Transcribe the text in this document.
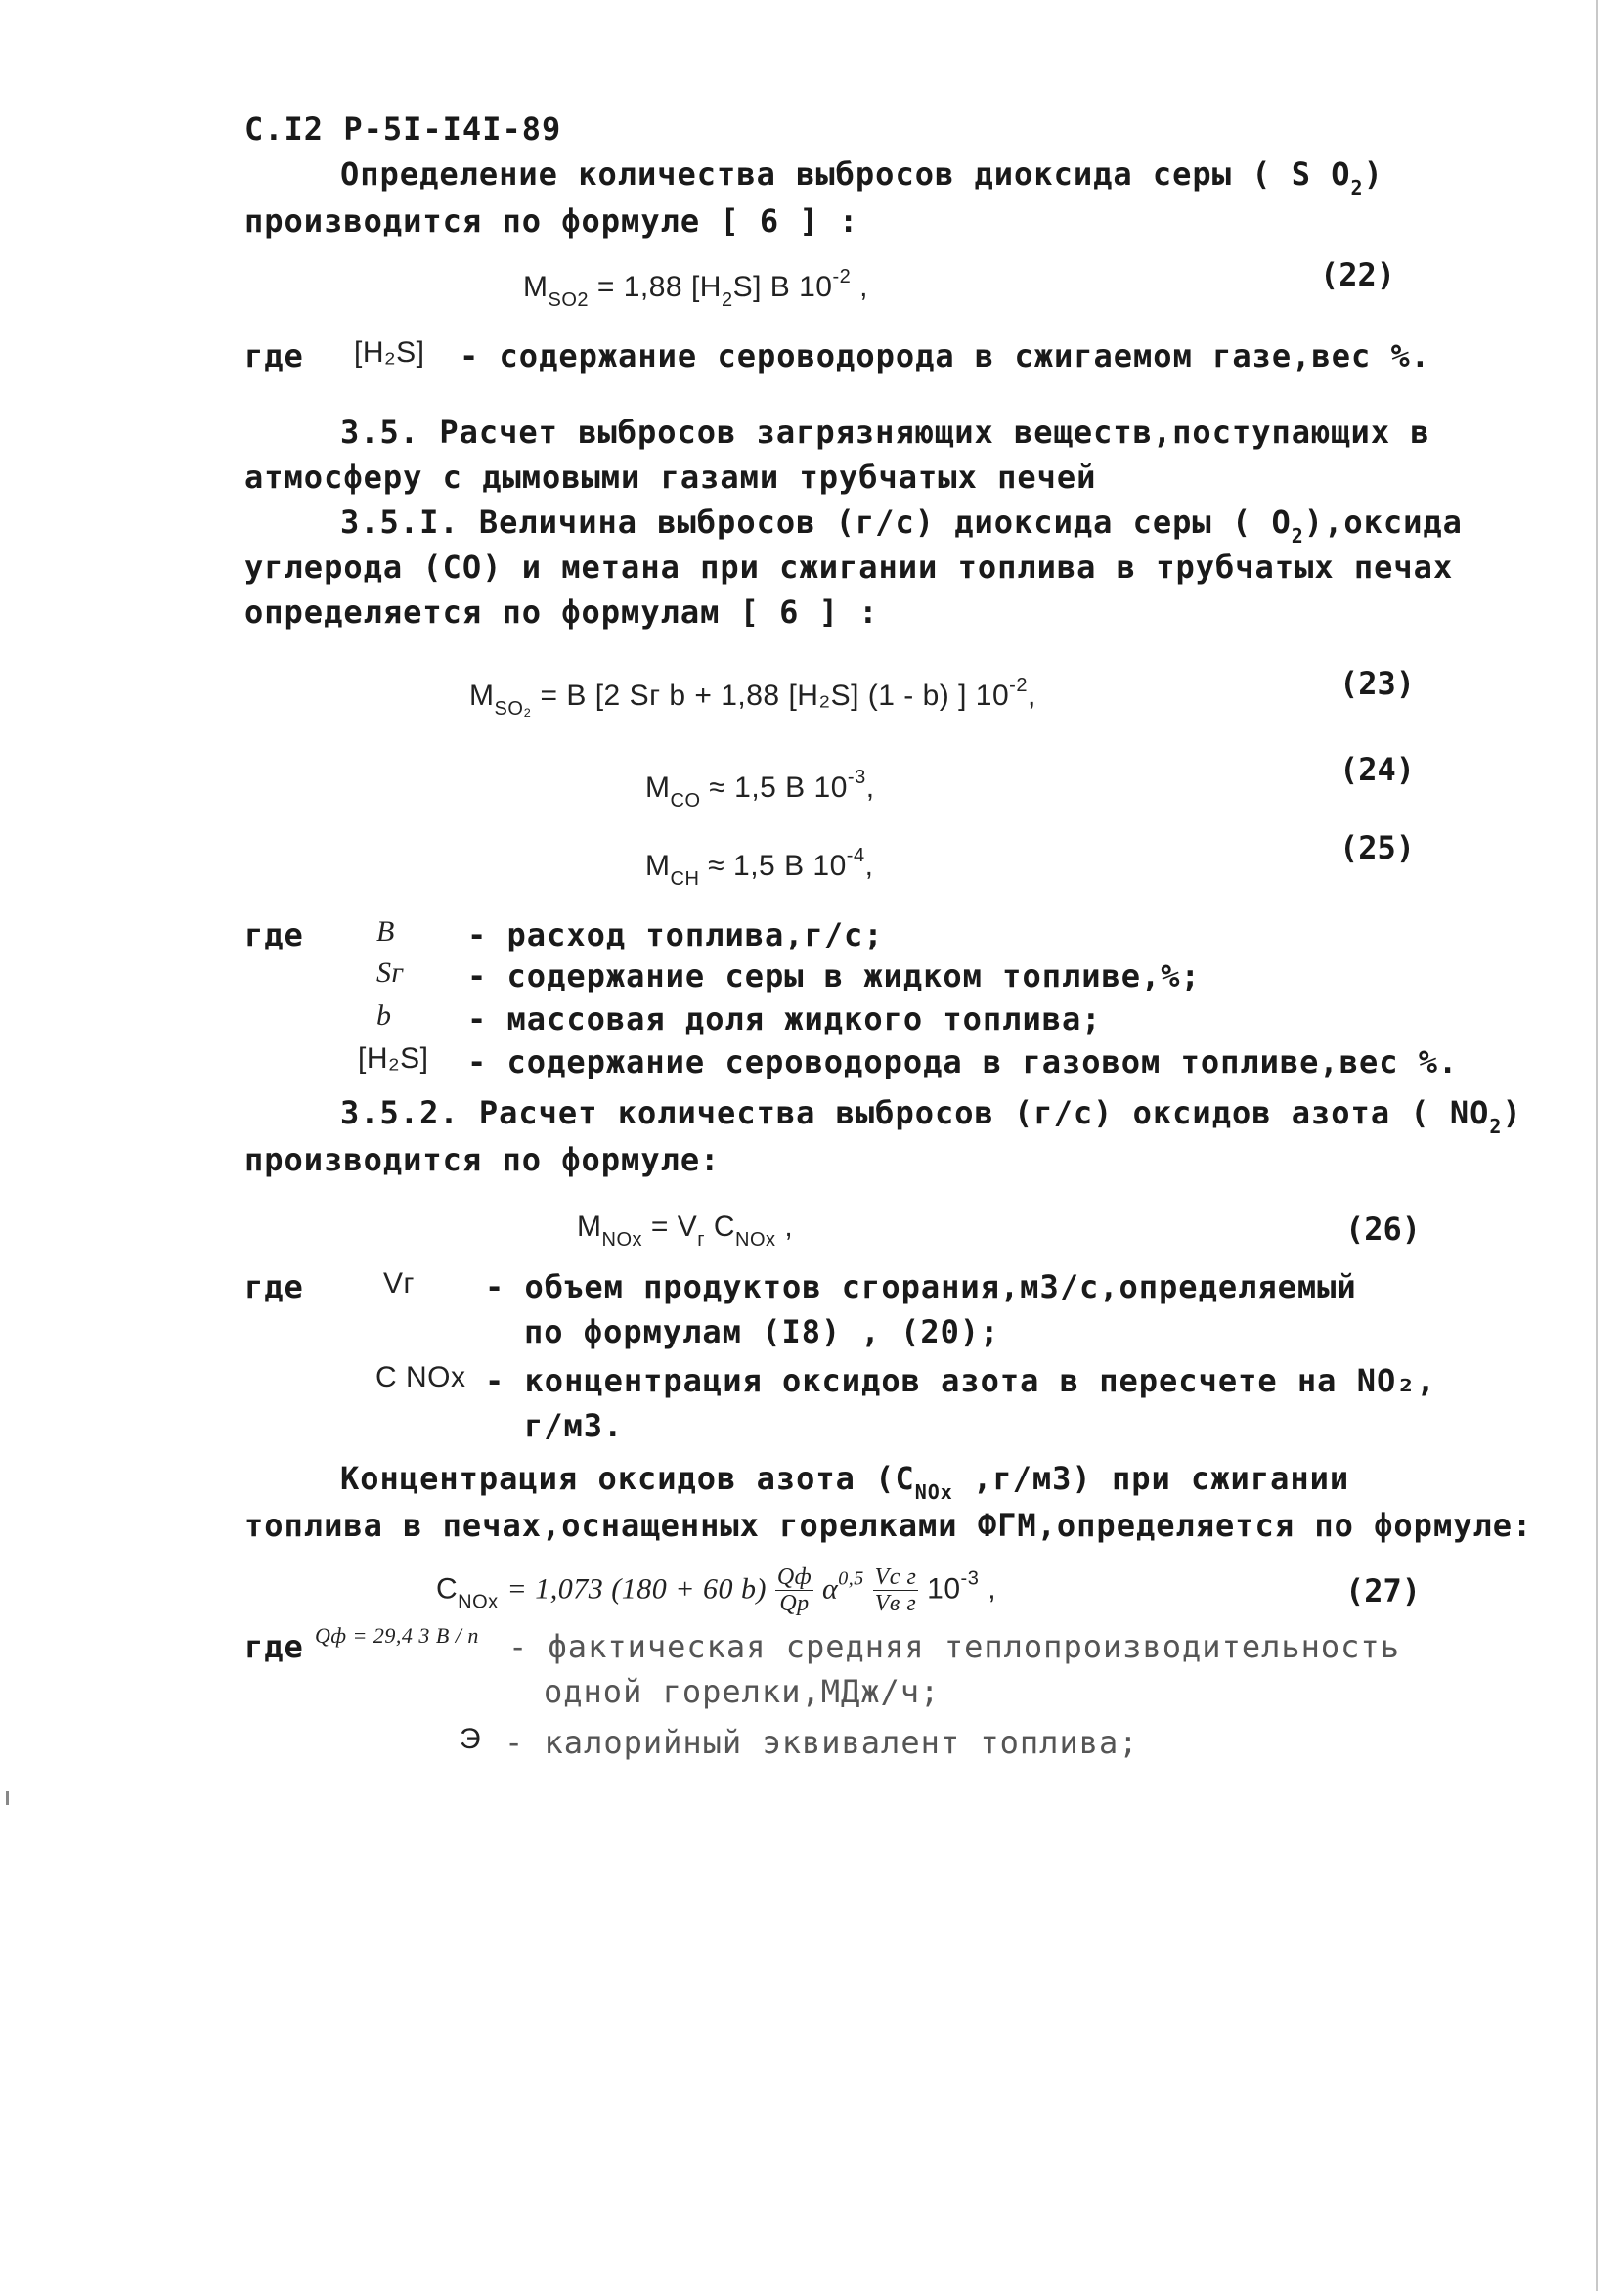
С.I2 Р-5I-I4I-89
Определение количества выбросов диоксида серы ( S $O_2$)
производится по формуле [ 6 ] :
$M_{SO2} = 1,88$ $[H_2S]$ B $10^{-2}$ ,	(22)
где [H₂S] - содержание сероводорода в сжигаемом газе,вес %.
3.5. Расчет выбросов загрязняющих веществ,поступающих в
атмосферу с дымовыми газами трубчатых печей
3.5.I. Величина выбросов (г/с) диоксида серы ( $O_2),оксида$
углерода (CO) и метана при сжигании топлива в трубчатых печах
определяется по формулам [ 6 ] :
$M_{SO_2} = B$ [2 Sᴦ b + 1,88 [H₂S] (1 - b) ] $10^{-2}$,	(23)
$M_{CO} \approx 1,5$ B $10^{-3}$,	(24)
$M_{CH} \approx 1,5$ B $10^{-4}$,	(25)
где B - расход топлива,г/с;
Sᴦ - содержание серы в жидком топливе,%;
b - массовая доля жидкого топлива;
[H₂S] - содержание сероводорода в газовом топливе,вес %.
3.5.2. Расчет количества выбросов (г/с) оксидов азота ( $NO_2$)
производится по формуле:
$M_{NOx} = V_г$ $C_{NOx}$ ,	(26)
где	Vг - объем продуктов сгорания,м3/с,определяемый
по формулам (I8) , (20);
C NOx - концентрация оксидов азота в пересчете на NO₂,
г/м3.
Концентрация оксидов азота ($C_{NOx}$ ,г/м3) при сжигании
топлива в печах,оснащенных горелками ФГМ,определяется по формуле:
$C_{NOx} = 1,073$ (180 + 60 $b) \frac{Qф}{Qр} \alpha^{0,5} \frac{\text{Vс г}}{\text{Vв г}} 10^{-3}$ ,	(27)
где Qф = 29,4 3 В / n - фактическая средняя теплопроизводительность
одной горелки,МДж/ч;
Э - калорийный эквивалент топлива;
